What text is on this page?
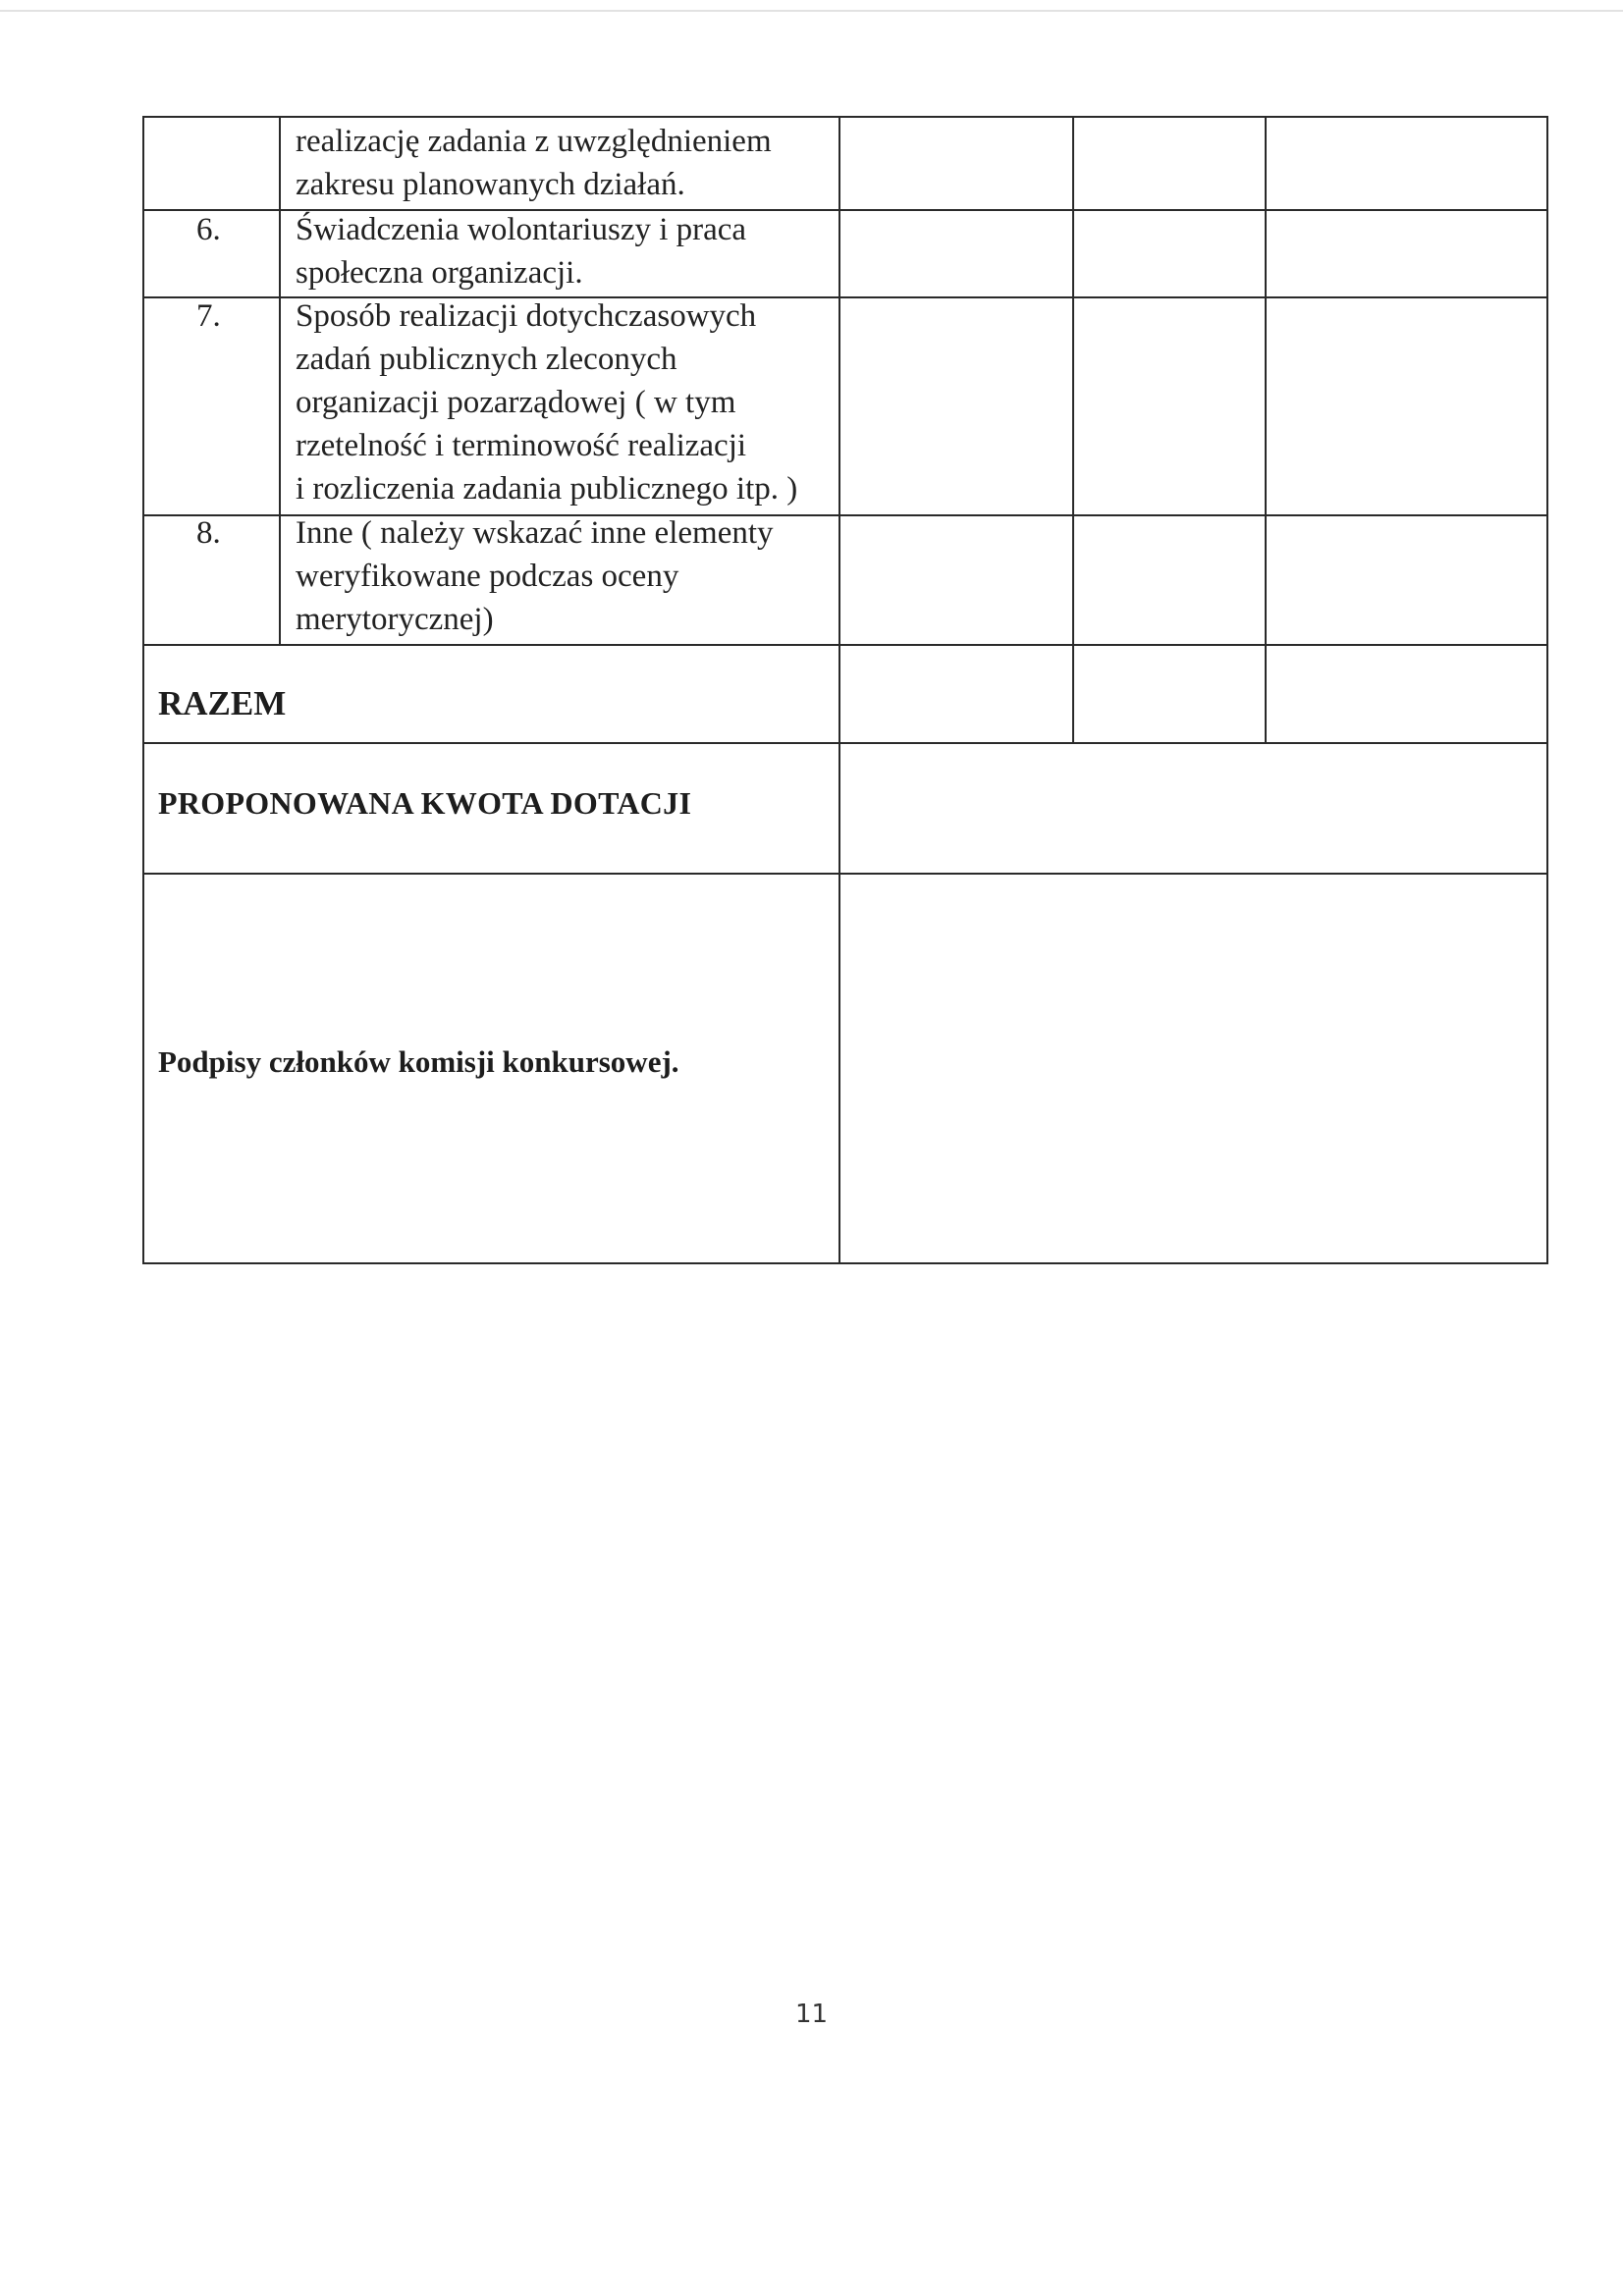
realizację zadania z uwzględnieniem
zakresu planowanych działań.
6. Świadczenia wolontariuszy i praca
społeczna organizacji.
7. Sposób realizacji dotychczasowych
zadań publicznych zleconych
organizacji pozarządowej ( w tym
rzetelność i terminowość realizacji
i rozliczenia zadania publicznego itp. )
8. Inne ( należy wskazać inne elementy
weryfikowane podczas oceny
merytorycznej)
RAZEM
PROPONOWANA KWOTA DOTACJI
Podpisy członków komisji konkursowej.
11
